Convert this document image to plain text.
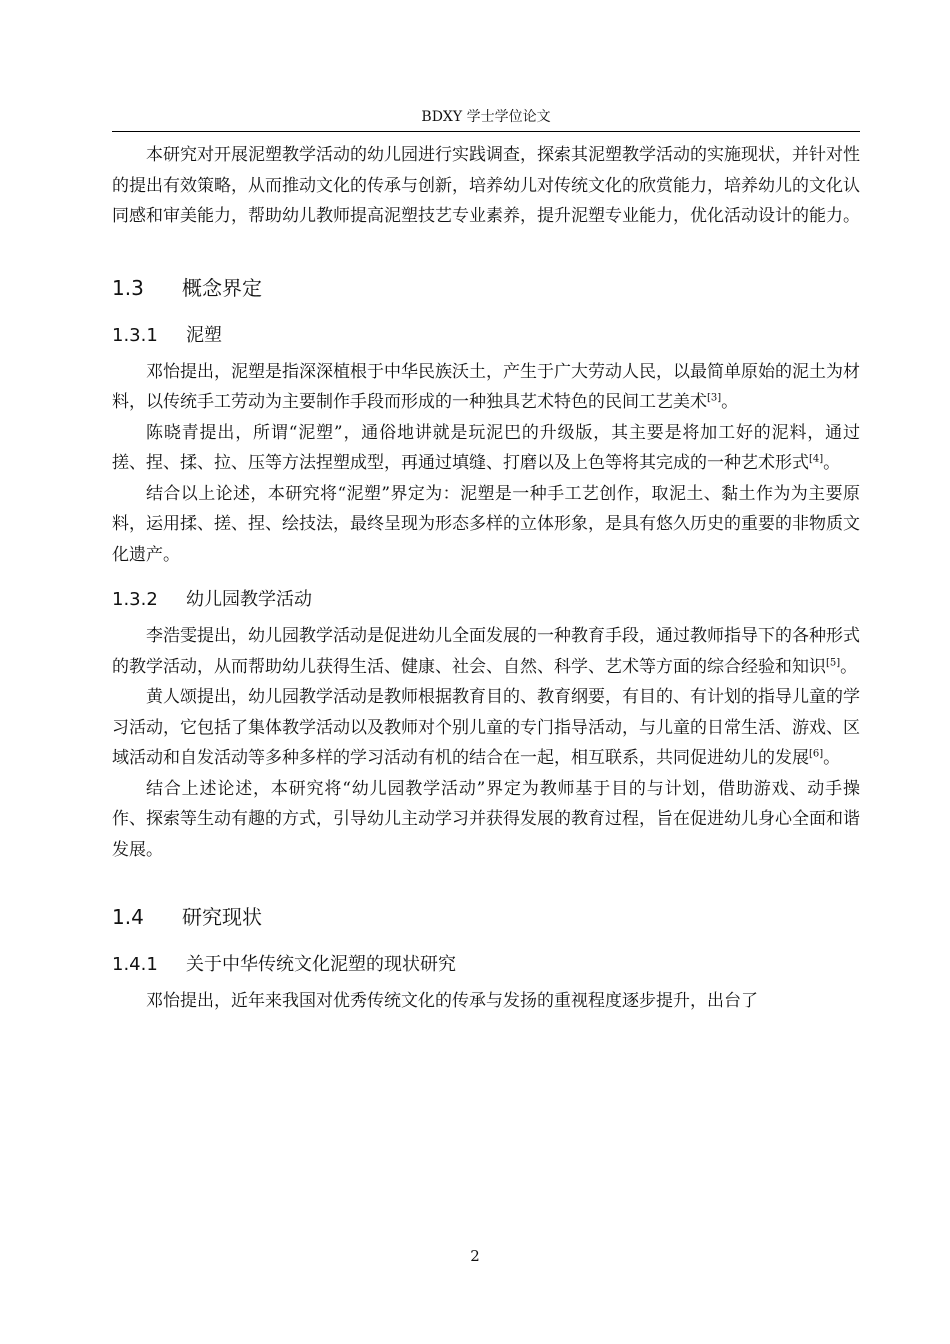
BDXY 学士学位论文

本研究对开展泥塑教学活动的幼儿园进行实践调查，探索其泥塑教学活动的实施现状，并针对性的提出有效策略，从而推动文化的传承与创新，培养幼儿对传统文化的欣赏能力，培养幼儿的文化认同感和审美能力，帮助幼儿教师提高泥塑技艺专业素养，提升泥塑专业能力，优化活动设计的能力。

1.3 概念界定
1.3.1 泥塑

邓怡提出，泥塑是指深深植根于中华民族沃土，产生于广大劳动人民，以最简单原始的泥土为材料，以传统手工劳动为主要制作手段而形成的一种独具艺术特色的民间工艺美术[3]。

陈晓青提出，所谓“泥塑”，通俗地讲就是玩泥巴的升级版，其主要是将加工好的泥料，通过搓、捏、揉、拉、压等方法捏塑成型，再通过填缝、打磨以及上色等将其完成的一种艺术形式[4]。

结合以上论述，本研究将“泥塑”界定为：泥塑是一种手工艺创作，取泥土、黏土作为为主要原料，运用揉、搓、捏、绘技法，最终呈现为形态多样的立体形象，是具有悠久历史的重要的非物质文化遗产。

1.3.2 幼儿园教学活动

李浩雯提出，幼儿园教学活动是促进幼儿全面发展的一种教育手段，通过教师指导下的各种形式的教学活动，从而帮助幼儿获得生活、健康、社会、自然、科学、艺术等方面的综合经验和知识[5]。

黄人颂提出，幼儿园教学活动是教师根据教育目的、教育纲要，有目的、有计划的指导儿童的学习活动，它包括了集体教学活动以及教师对个别儿童的专门指导活动，与儿童的日常生活、游戏、区域活动和自发活动等多种多样的学习活动有机的结合在一起，相互联系，共同促进幼儿的发展[6]。

结合上述论述，本研究将“幼儿园教学活动”界定为教师基于目的与计划，借助游戏、动手操作、探索等生动有趣的方式，引导幼儿主动学习并获得发展的教育过程，旨在促进幼儿身心全面和谐发展。

1.4 研究现状
1.4.1 关于中华传统文化泥塑的现状研究

邓怡提出，近年来我国对优秀传统文化的传承与发扬的重视程度逐步提升，出台了

2
